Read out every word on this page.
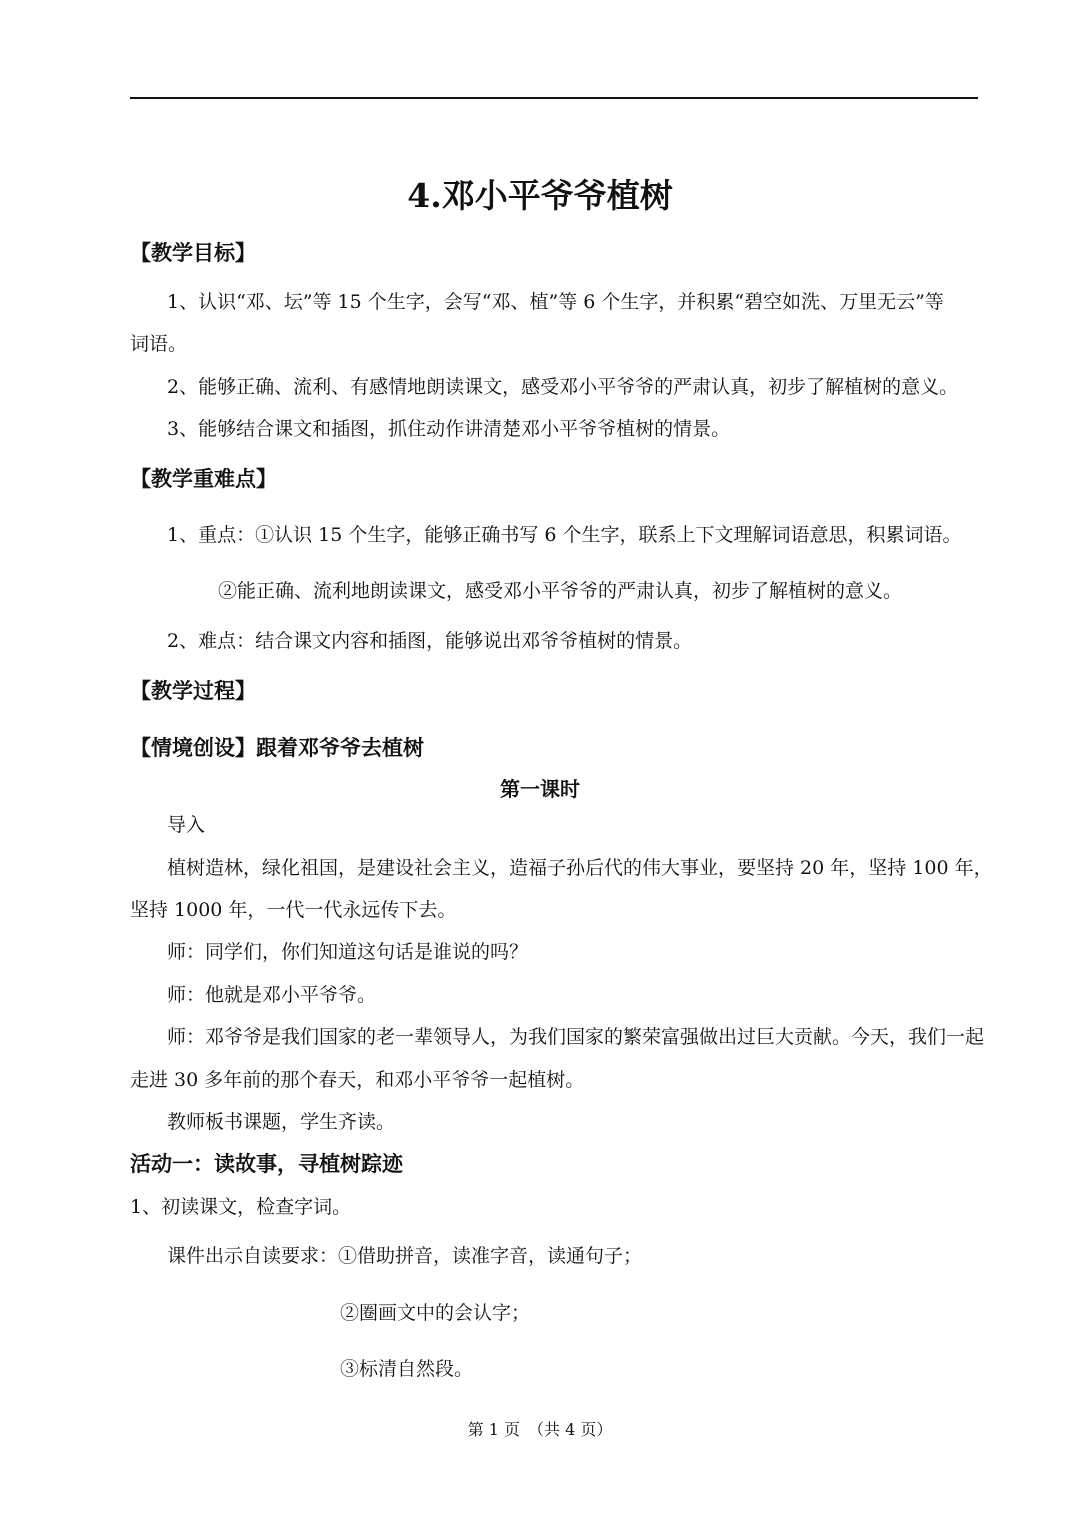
4.邓小平爷爷植树
【教学目标】
1、认识“邓、坛”等 15 个生字，会写“邓、植”等 6 个生字，并积累“碧空如洗、万里无云”等
词语。
2、能够正确、流利、有感情地朗读课文，感受邓小平爷爷的严肃认真，初步了解植树的意义。
3、能够结合课文和插图，抓住动作讲清楚邓小平爷爷植树的情景。
【教学重难点】
1、重点：①认识 15 个生字，能够正确书写 6 个生字，联系上下文理解词语意思，积累词语。
②能正确、流利地朗读课文，感受邓小平爷爷的严肃认真，初步了解植树的意义。
2、难点：结合课文内容和插图，能够说出邓爷爷植树的情景。
【教学过程】
【情境创设】跟着邓爷爷去植树
第一课时
导入
植树造林，绿化祖国，是建设社会主义，造福子孙后代的伟大事业，要坚持 20 年，坚持 100 年，
坚持 1000 年，一代一代永远传下去。
师：同学们，你们知道这句话是谁说的吗？
师：他就是邓小平爷爷。
师：邓爷爷是我们国家的老一辈领导人，为我们国家的繁荣富强做出过巨大贡献。今天，我们一起
走进 30 多年前的那个春天，和邓小平爷爷一起植树。
教师板书课题，学生齐读。
活动一：读故事，寻植树踪迹
1、初读课文，检查字词。
课件出示自读要求：①借助拼音，读准字音，读通句子；
②圈画文中的会认字；
③标清自然段。
第 1 页　（共 4 页）
